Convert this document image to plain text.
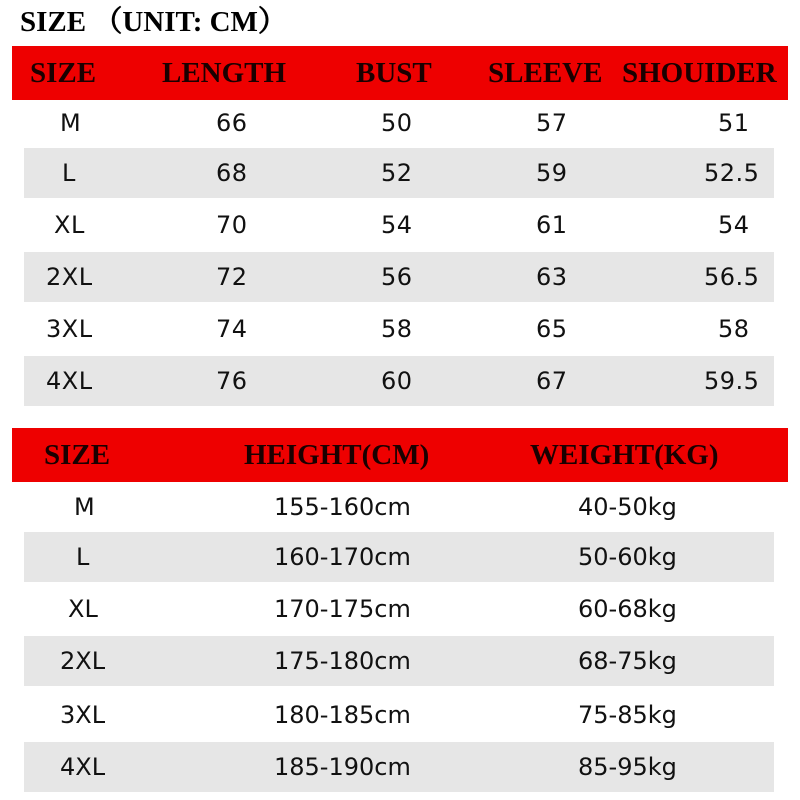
SIZE （UNIT: CM）
SIZE LENGTH BUST SLEEVE SHOUIDER
M	66	50	57	51
L	68	52	59	52.5
XL	70	54	61	54
2XL	72	56	63	56.5
3XL	74	58	65	58
4XL	76	60	67	59.5
SIZE	HEIGHT(CM)	WEIGHT(KG)
M	155-160cm	40-50kg
L	160-170cm	50-60kg
XL	170-175cm	60-68kg
2XL	175-180cm	68-75kg
3XL	180-185cm	75-85kg
4XL	185-190cm	85-95kg
